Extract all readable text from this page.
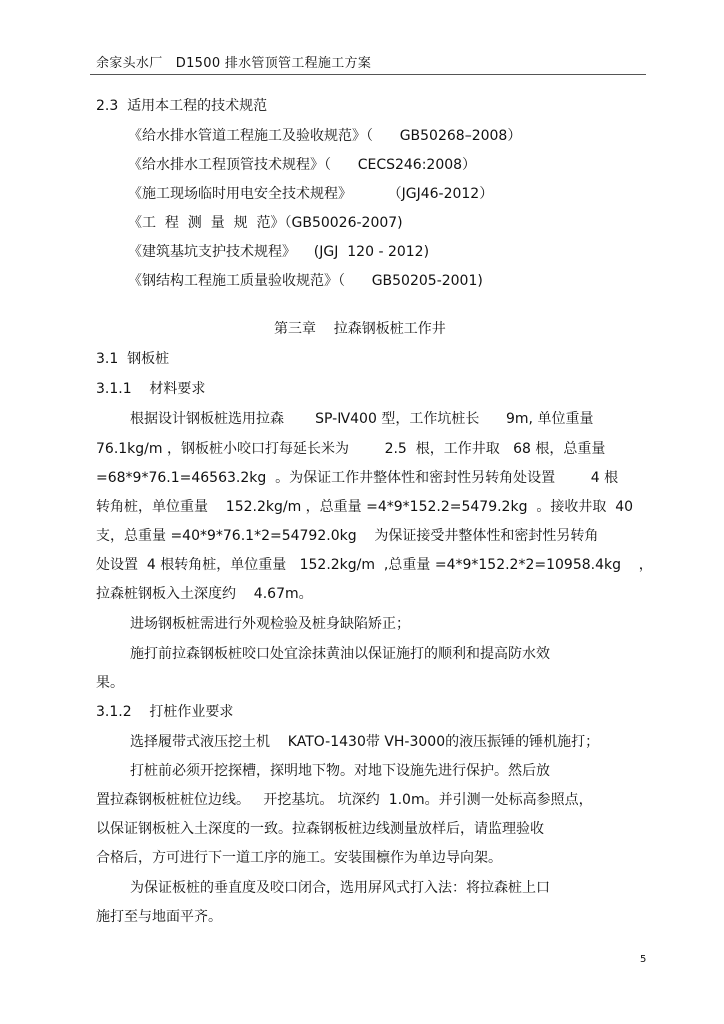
余家头水厂   D1500 排水管顶管工程施工方案
2.3  适用本工程的技术规范
《给水排水管道工程施工及验收规范》（      GB50268–2008）
《给水排水工程顶管技术规程》（      CECS246:2008）
《施工现场临时用电安全技术规程》        （JGJ46-2012）
《工  程  测  量  规  范》（GB50026-2007)
《建筑基坑支护技术规程》    (JGJ  120 - 2012)
《钢结构工程施工质量验收规范》（      GB50205-2001)
第三章    拉森钢板桩工作井
3.1  钢板桩
3.1.1    材料要求
根据设计钢板桩选用拉森       SP-Ⅳ400 型，工作坑桩长      9m, 单位重量
76.1kg/m ，钢板桩小咬口打每延长米为        2.5  根，工作井取   68 根，总重量
=68*9*76.1=46563.2kg  。为保证工作井整体性和密封性另转角处设置        4 根
转角桩，单位重量    152.2kg/m ，总重量 =4*9*152.2=5479.2kg  。接收井取  40
支，总重量 =40*9*76.1*2=54792.0kg    为保证接受井整体性和密封性另转角
处设置  4 根转角桩，单位重量   152.2kg/m  ,总重量 =4*9*152.2*2=10958.4kg    ，
拉森桩钢板入土深度约    4.67m。
进场钢板桩需进行外观检验及桩身缺陷矫正；
施打前拉森钢板桩咬口处宜涂抹黄油以保证施打的顺利和提高防水效
果。
3.1.2    打桩作业要求
选择履带式液压挖土机    KATO-1430带 VH-3000的液压振锤的锤机施打；
打桩前必须开挖探槽，探明地下物。对地下设施先进行保护。然后放
置拉森钢板桩桩位边线。   开挖基坑。 坑深约  1.0m。并引测一处标高参照点，
以保证钢板桩入土深度的一致。拉森钢板桩边线测量放样后，请监理验收
合格后，方可进行下一道工序的施工。安装围檩作为单边导向架。
为保证板桩的垂直度及咬口闭合，选用屏风式打入法：将拉森桩上口
施打至与地面平齐。
5
